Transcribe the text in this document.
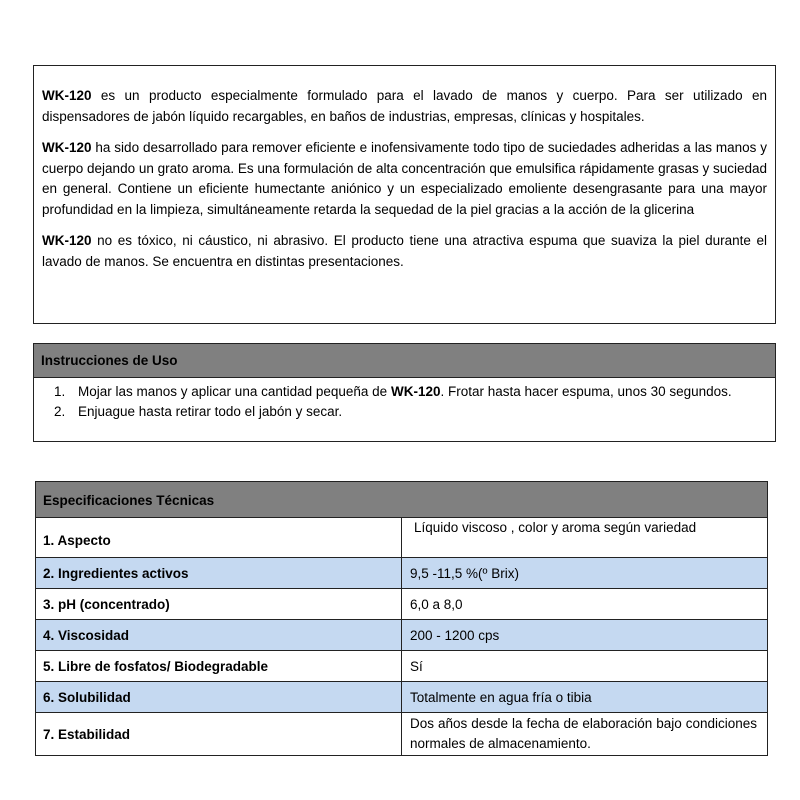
WK-120 es un producto especialmente formulado para el lavado de manos y cuerpo. Para ser utilizado en dispensadores de jabón líquido recargables, en baños de industrias, empresas, clínicas y hospitales.

WK-120 ha sido desarrollado para remover eficiente e inofensivamente todo tipo de suciedades adheridas a las manos y cuerpo dejando un grato aroma. Es una formulación de alta concentración que emulsifica rápidamente grasas y suciedad en general. Contiene un eficiente humectante aniónico y un especializado emoliente desengrasante para una mayor profundidad en la limpieza, simultáneamente retarda la sequedad de la piel gracias a la acción de la glicerina

WK-120 no es tóxico, ni cáustico, ni abrasivo. El producto tiene una atractiva espuma que suaviza la piel durante el lavado de manos. Se encuentra en distintas presentaciones.

Instrucciones de Uso
1. Mojar las manos y aplicar una cantidad pequeña de WK-120. Frotar hasta hacer espuma, unos 30 segundos.
2. Enjuague hasta retirar todo el jabón y secar.
Especificaciones Técnicas	
1. Aspecto	Líquido viscoso , color y aroma según variedad
2. Ingredientes activos	9,5 -11,5 %(º Brix)
3. pH (concentrado)	6,0 a 8,0
4. Viscosidad	200 - 1200 cps
5. Libre de fosfatos/ Biodegradable	Sí
6. Solubilidad	Totalmente en agua fría o tibia
7. Estabilidad	Dos años desde la fecha de elaboración bajo condiciones normales de almacenamiento.
